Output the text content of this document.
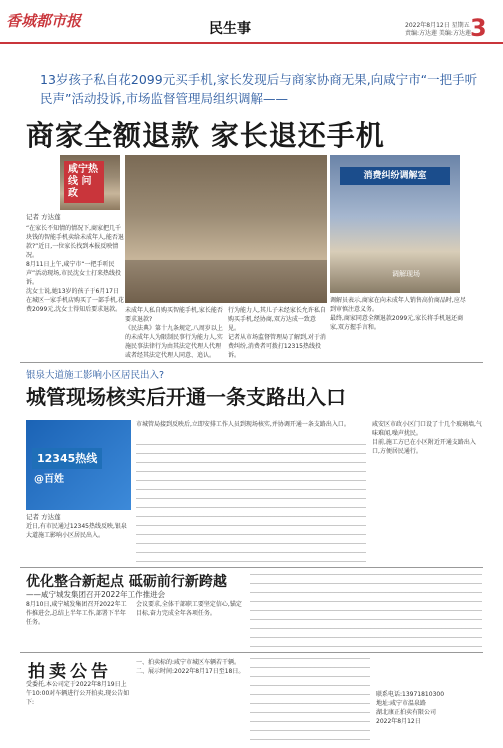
香城都市报	民生事	2022年8月12日 星期五
责编:方达莲 美编:方达莲 3
13岁孩子私自花2099元买手机,家长发现后与商家协商无果,向咸宁市“一把手听民声”活动投诉,市场监督管理局组织调解——
商家全额退款 家长退还手机
咸宁热线 问政
消费纠纷调解室
调解现场
记者 方达莲

“在家长不知情的情况下,商家把几千块钱的智能手机卖给未成年人,能否退款?”近日,一位家长找到本报反映情况。

8月11日上午,咸宁市“一把手听民声”活动现场,市民沈女士打来热线投诉。

沈女士说,她13岁的孩子于6月17日在城区一家手机店购买了一部手机,花费2099元,沈女士得知后要求退款。 未成年人私自购买智能手机,家长能否要求退款?

《民法典》第十九条规定,八周岁以上的未成年人为限制民事行为能力人,实施民事法律行为由其法定代理人代理或者经其法定代理人同意、追认。

行为能力人,其儿子未经家长允许私自购买手机,经协商,双方达成一致意见。

记者从市场监督管理局了解到,对于消费纠纷,消费者可拨打12315热线投诉。

调解员表示,商家在向未成年人销售高价商品时,应尽到审慎注意义务。

最终,商家同意全额退款2099元,家长将手机退还商家,双方握手言和。

银泉大道施工影响小区居民出入?
城管现场核实后开通一条支路出入口
12345热线
@百姓
记者 方达莲

近日,有市民通过12345热线反映,银泉大道施工影响小区居民出入。

市城管局接到反映后,立即安排工作人员到现场核实,并协调开通一条支路出入口。	咸安区市政小区门口设了十几个玻璃墙,气味难闻,噪声扰民。

目前,施工方已在小区附近开通支路出入口,方便居民通行。

优化整合新起点 砥砺前行新跨越
——咸宁城发集团召开2022年工作推进会

8月10日,咸宁城发集团召开2022年工作推进会,总结上半年工作,部署下半年任务。

会议要求,全体干部职工要坚定信心,锚定目标,奋力完成全年各项任务。

拍卖公告

受委托,本公司定于2022年8月19日上午10:00对车辆进行公开拍卖,现公告如下:

一、拍卖标的:咸宁市城区车辆若干辆。

二、展示时间:2022年8月17日至18日。

联系电话:13971810300
地址:咸宁市温泉路
湖北康正拍卖有限公司
2022年8月12日
